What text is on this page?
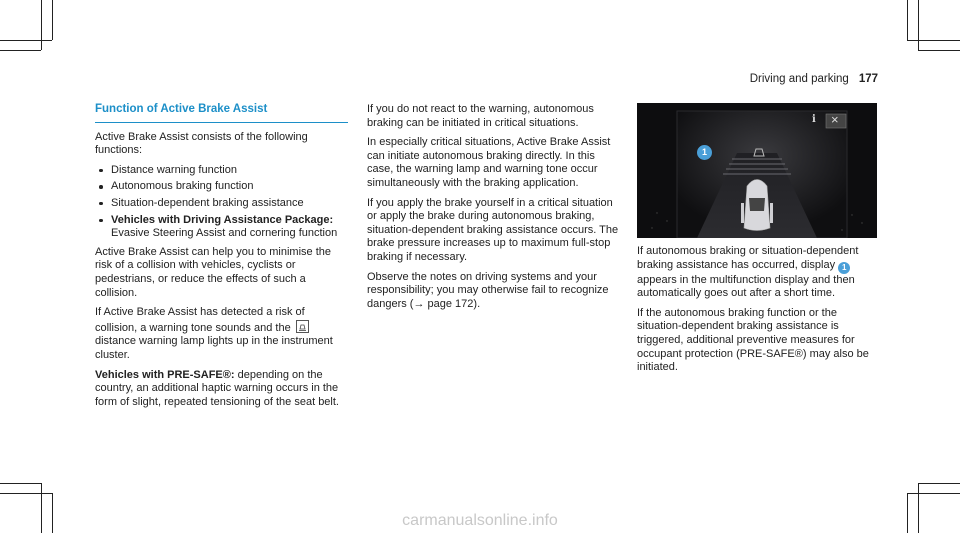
Driving and parking 177
Function of Active Brake Assist

Active Brake Assist consists of the following functions:

Distance warning function
Autonomous braking function
Situation-dependent braking assistance
Vehicles with Driving Assistance Package: Evasive Steering Assist and cornering function

Active Brake Assist can help you to minimise the risk of a collision with vehicles, cyclists or pedestrians, or reduce the effects of such a collision.

If Active Brake Assist has detected a risk of collision, a warning tone sounds and the
distance warning lamp lights up in the instrument cluster.

Vehicles with PRE-SAFE®: depending on the country, an additional haptic warning occurs in the form of slight, repeated tensioning of the seat belt.

If you do not react to the warning, autonomous braking can be initiated in critical situations.

In especially critical situations, Active Brake Assist can initiate autonomous braking directly. In this case, the warning lamp and warning tone occur simultaneously with the braking application.

If you apply the brake yourself in a critical situation or apply the brake during autonomous braking, situation-dependent braking assistance occurs. The brake pressure increases up to maximum full-stop braking if necessary.

Observe the notes on driving systems and your responsibility; you may otherwise fail to recognize dangers (→ page 172).

1
i ×

If autonomous braking or situation-dependent braking assistance has occurred, display 1 appears in the multifunction display and then automatically goes out after a short time.

If the autonomous braking function or the situation-dependent braking assistance is triggered, additional preventive measures for occupant protection (PRE-SAFE®) may also be initiated.

carmanualsonline.info
